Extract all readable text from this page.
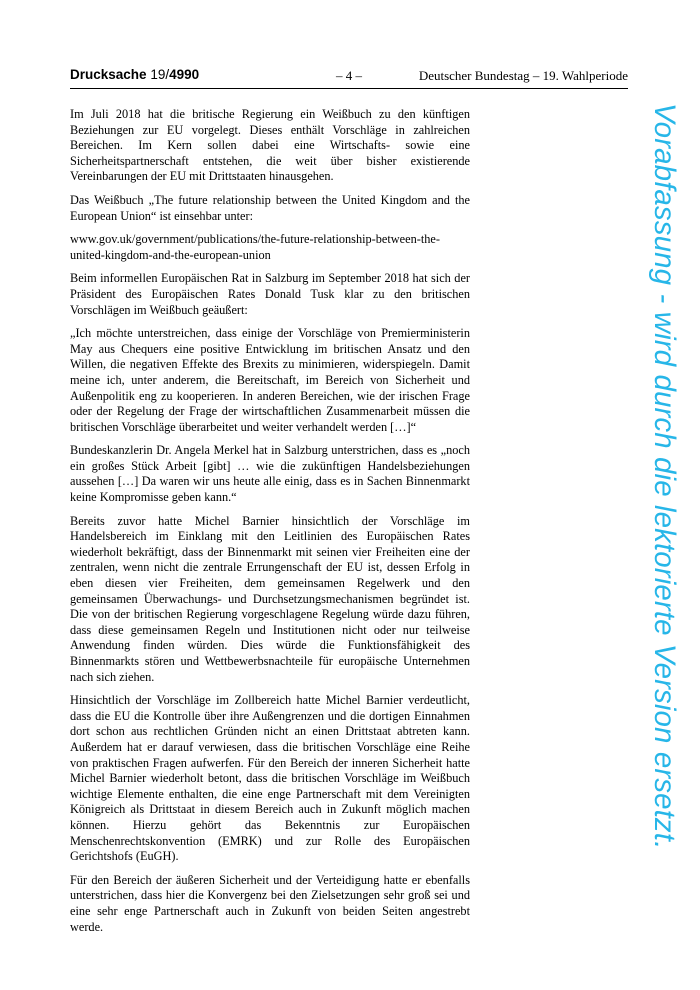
Drucksache 19/4990	– 4 –	Deutscher Bundestag – 19. Wahlperiode

Im Juli 2018 hat die britische Regierung ein Weißbuch zu den künftigen Beziehungen zur EU vorgelegt. Dieses enthält Vorschläge in zahlreichen Bereichen. Im Kern sollen dabei eine Wirtschafts- sowie eine Sicherheitspartnerschaft entstehen, die weit über bisher existierende Vereinbarungen der EU mit Drittstaaten hinausgehen.

Das Weißbuch „The future relationship between the United Kingdom and the European Union“ ist einsehbar unter:

www.gov.uk/government/publications/the-future-relationship-between-the-united-kingdom-and-the-european-union

Beim informellen Europäischen Rat in Salzburg im September 2018 hat sich der Präsident des Europäischen Rates Donald Tusk klar zu den britischen Vorschlägen im Weißbuch geäußert:

„Ich möchte unterstreichen, dass einige der Vorschläge von Premierministerin May aus Chequers eine positive Entwicklung im britischen Ansatz und den Willen, die negativen Effekte des Brexits zu minimieren, widerspiegeln. Damit meine ich, unter anderem, die Bereitschaft, im Bereich von Sicherheit und Außenpolitik eng zu kooperieren. In anderen Bereichen, wie der irischen Frage oder der Regelung der Frage der wirtschaftlichen Zusammenarbeit müssen die britischen Vorschläge überarbeitet und weiter verhandelt werden […]“

Bundeskanzlerin Dr. Angela Merkel hat in Salzburg unterstrichen, dass es „noch ein großes Stück Arbeit [gibt] … wie die zukünftigen Handelsbeziehungen aussehen […] Da waren wir uns heute alle einig, dass es in Sachen Binnenmarkt keine Kompromisse geben kann.“

Bereits zuvor hatte Michel Barnier hinsichtlich der Vorschläge im Handelsbereich im Einklang mit den Leitlinien des Europäischen Rates wiederholt bekräftigt, dass der Binnenmarkt mit seinen vier Freiheiten eine der zentralen, wenn nicht die zentrale Errungenschaft der EU ist, dessen Erfolg in eben diesen vier Freiheiten, dem gemeinsamen Regelwerk und den gemeinsamen Überwachungs- und Durchsetzungsmechanismen begründet ist. Die von der britischen Regierung vorgeschlagene Regelung würde dazu führen, dass diese gemeinsamen Regeln und Institutionen nicht oder nur teilweise Anwendung finden würden. Dies würde die Funktionsfähigkeit des Binnenmarkts stören und Wettbewerbsnachteile für europäische Unternehmen nach sich ziehen.

Hinsichtlich der Vorschläge im Zollbereich hatte Michel Barnier verdeutlicht, dass die EU die Kontrolle über ihre Außengrenzen und die dortigen Einnahmen dort schon aus rechtlichen Gründen nicht an einen Drittstaat abtreten kann. Außerdem hat er darauf verwiesen, dass die britischen Vorschläge eine Reihe von praktischen Fragen aufwerfen. Für den Bereich der inneren Sicherheit hatte Michel Barnier wiederholt betont, dass die britischen Vorschläge im Weißbuch wichtige Elemente enthalten, die eine enge Partnerschaft mit dem Vereinigten Königreich als Drittstaat in diesem Bereich auch in Zukunft möglich machen können. Hierzu gehört das Bekenntnis zur Europäischen Menschenrechtskonvention (EMRK) und zur Rolle des Europäischen Gerichtshofs (EuGH).

Für den Bereich der äußeren Sicherheit und der Verteidigung hatte er ebenfalls unterstrichen, dass hier die Konvergenz bei den Zielsetzungen sehr groß sei und eine sehr enge Partnerschaft auch in Zukunft von beiden Seiten angestrebt werde.

Vorabfassung - wird durch die lektorierte Version ersetzt.
